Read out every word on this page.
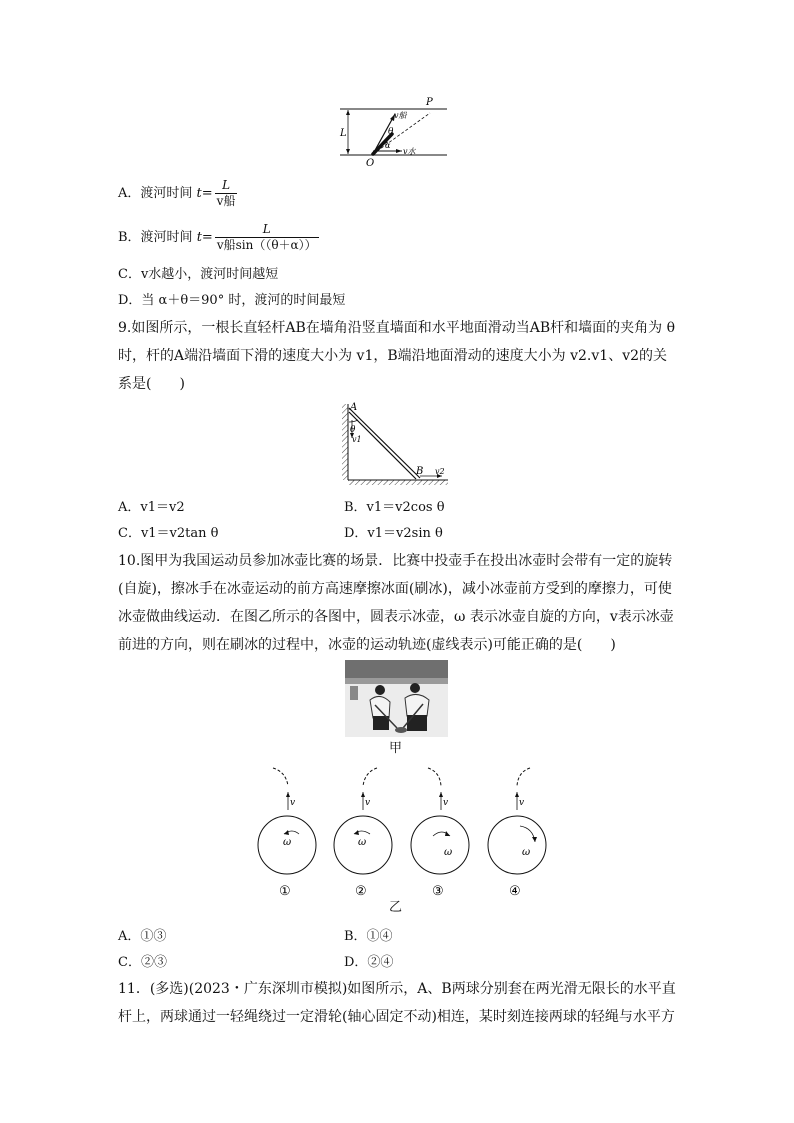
P
L
O
θ
α
v船
v水
A．渡河时间 $t= \frac{L}{\text{v船}}$
B．渡河时间 $t= \frac{L}{\text{v船sin（（θ＋α））}}$
C．v水越小，渡河时间越短
D．当 α＋θ＝90° 时，渡河的时间最短
9.如图所示，一根长直轻杆AB在墙角沿竖直墙面和水平地面滑动当AB杆和墙面的夹角为 θ时，杆的A端沿墙面下滑的速度大小为 v1，B端沿地面滑动的速度大小为 v2.v1、v2的关系是(　　)
A
B
θ
v1
v2
A．v1＝v2	B．v1＝v2cos θ
C．v1＝v2tan θ	D．v1＝v2sin θ
10.图甲为我国运动员参加冰壶比赛的场景．比赛中投壶手在投出冰壶时会带有一定的旋转(自旋)，擦冰手在冰壶运动的前方高速摩擦冰面(刷冰)，减小冰壶前方受到的摩擦力，可使冰壶做曲线运动．在图乙所示的各图中，圆表示冰壶，ω 表示冰壶自旋的方向，v表示冰壶前进的方向，则在刷冰的过程中，冰壶的运动轨迹(虚线表示)可能正确的是(　　)
甲
v
ω
①
v
ω
②
v
ω
③
v
ω
④
乙
A．①③	B．①④
C．②③	D．②④
11．(多选)(2023・广东深圳市模拟)如图所示，A、B两球分别套在两光滑无限长的水平直杆上，两球通过一轻绳绕过一定滑轮(轴心固定不动)相连，某时刻连接两球的轻绳与水平方
